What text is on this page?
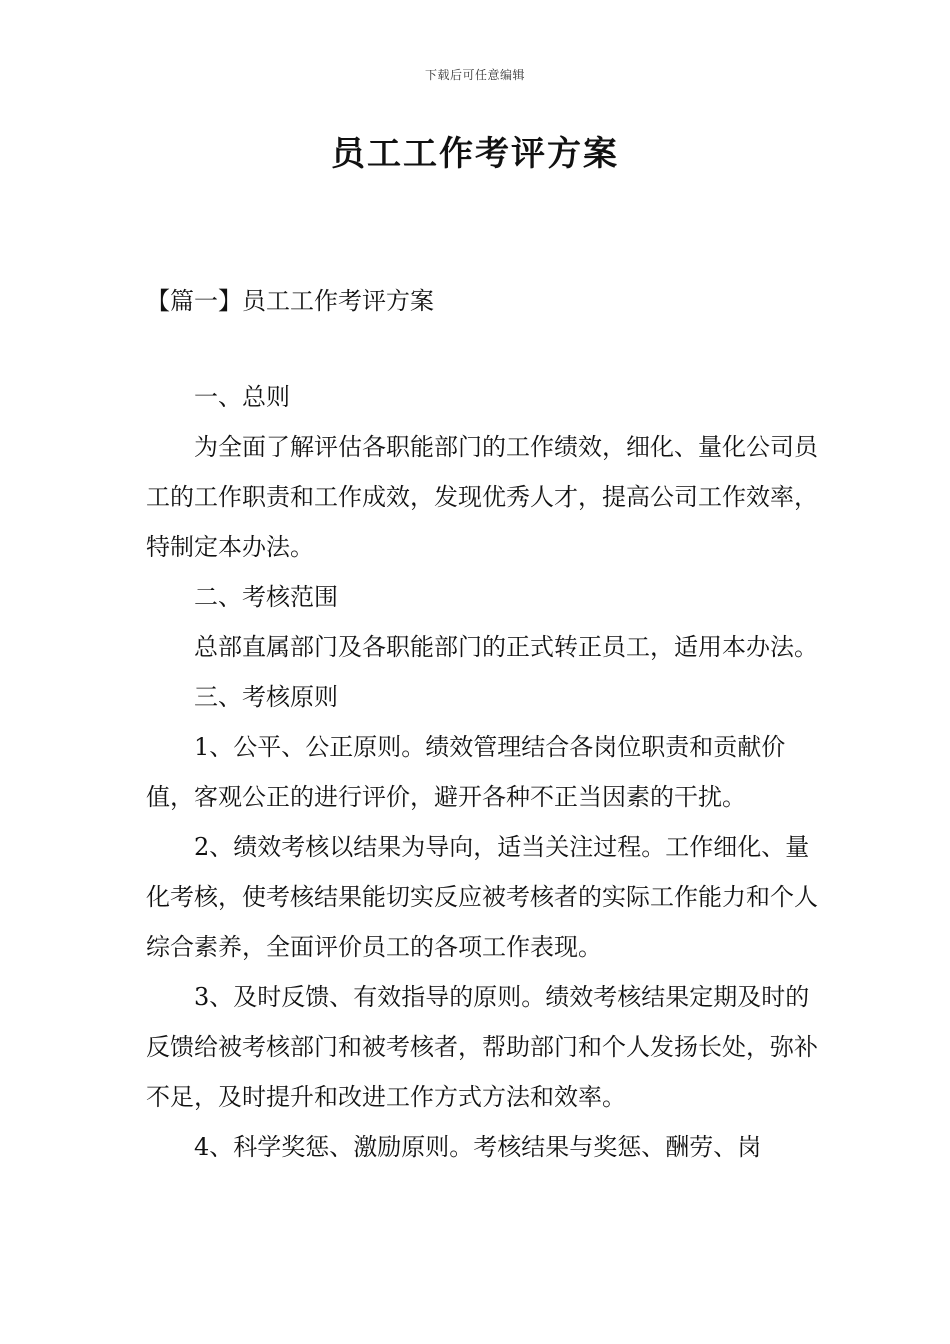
下载后可任意编辑
员工工作考评方案
【篇一】员工工作考评方案

一、总则

为全面了解评估各职能部门的工作绩效，细化、量化公司员工的工作职责和工作成效，发现优秀人才，提高公司工作效率，特制定本办法。

二、考核范围

总部直属部门及各职能部门的正式转正员工，适用本办法。

三、考核原则

1、公平、公正原则。绩效管理结合各岗位职责和贡献价值，客观公正的进行评价，避开各种不正当因素的干扰。

2、绩效考核以结果为导向，适当关注过程。工作细化、量化考核，使考核结果能切实反应被考核者的实际工作能力和个人综合素养，全面评价员工的各项工作表现。

3、及时反馈、有效指导的原则。绩效考核结果定期及时的反馈给被考核部门和被考核者，帮助部门和个人发扬长处，弥补不足，及时提升和改进工作方式方法和效率。

4、科学奖惩、激励原则。考核结果与奖惩、酬劳、岗
